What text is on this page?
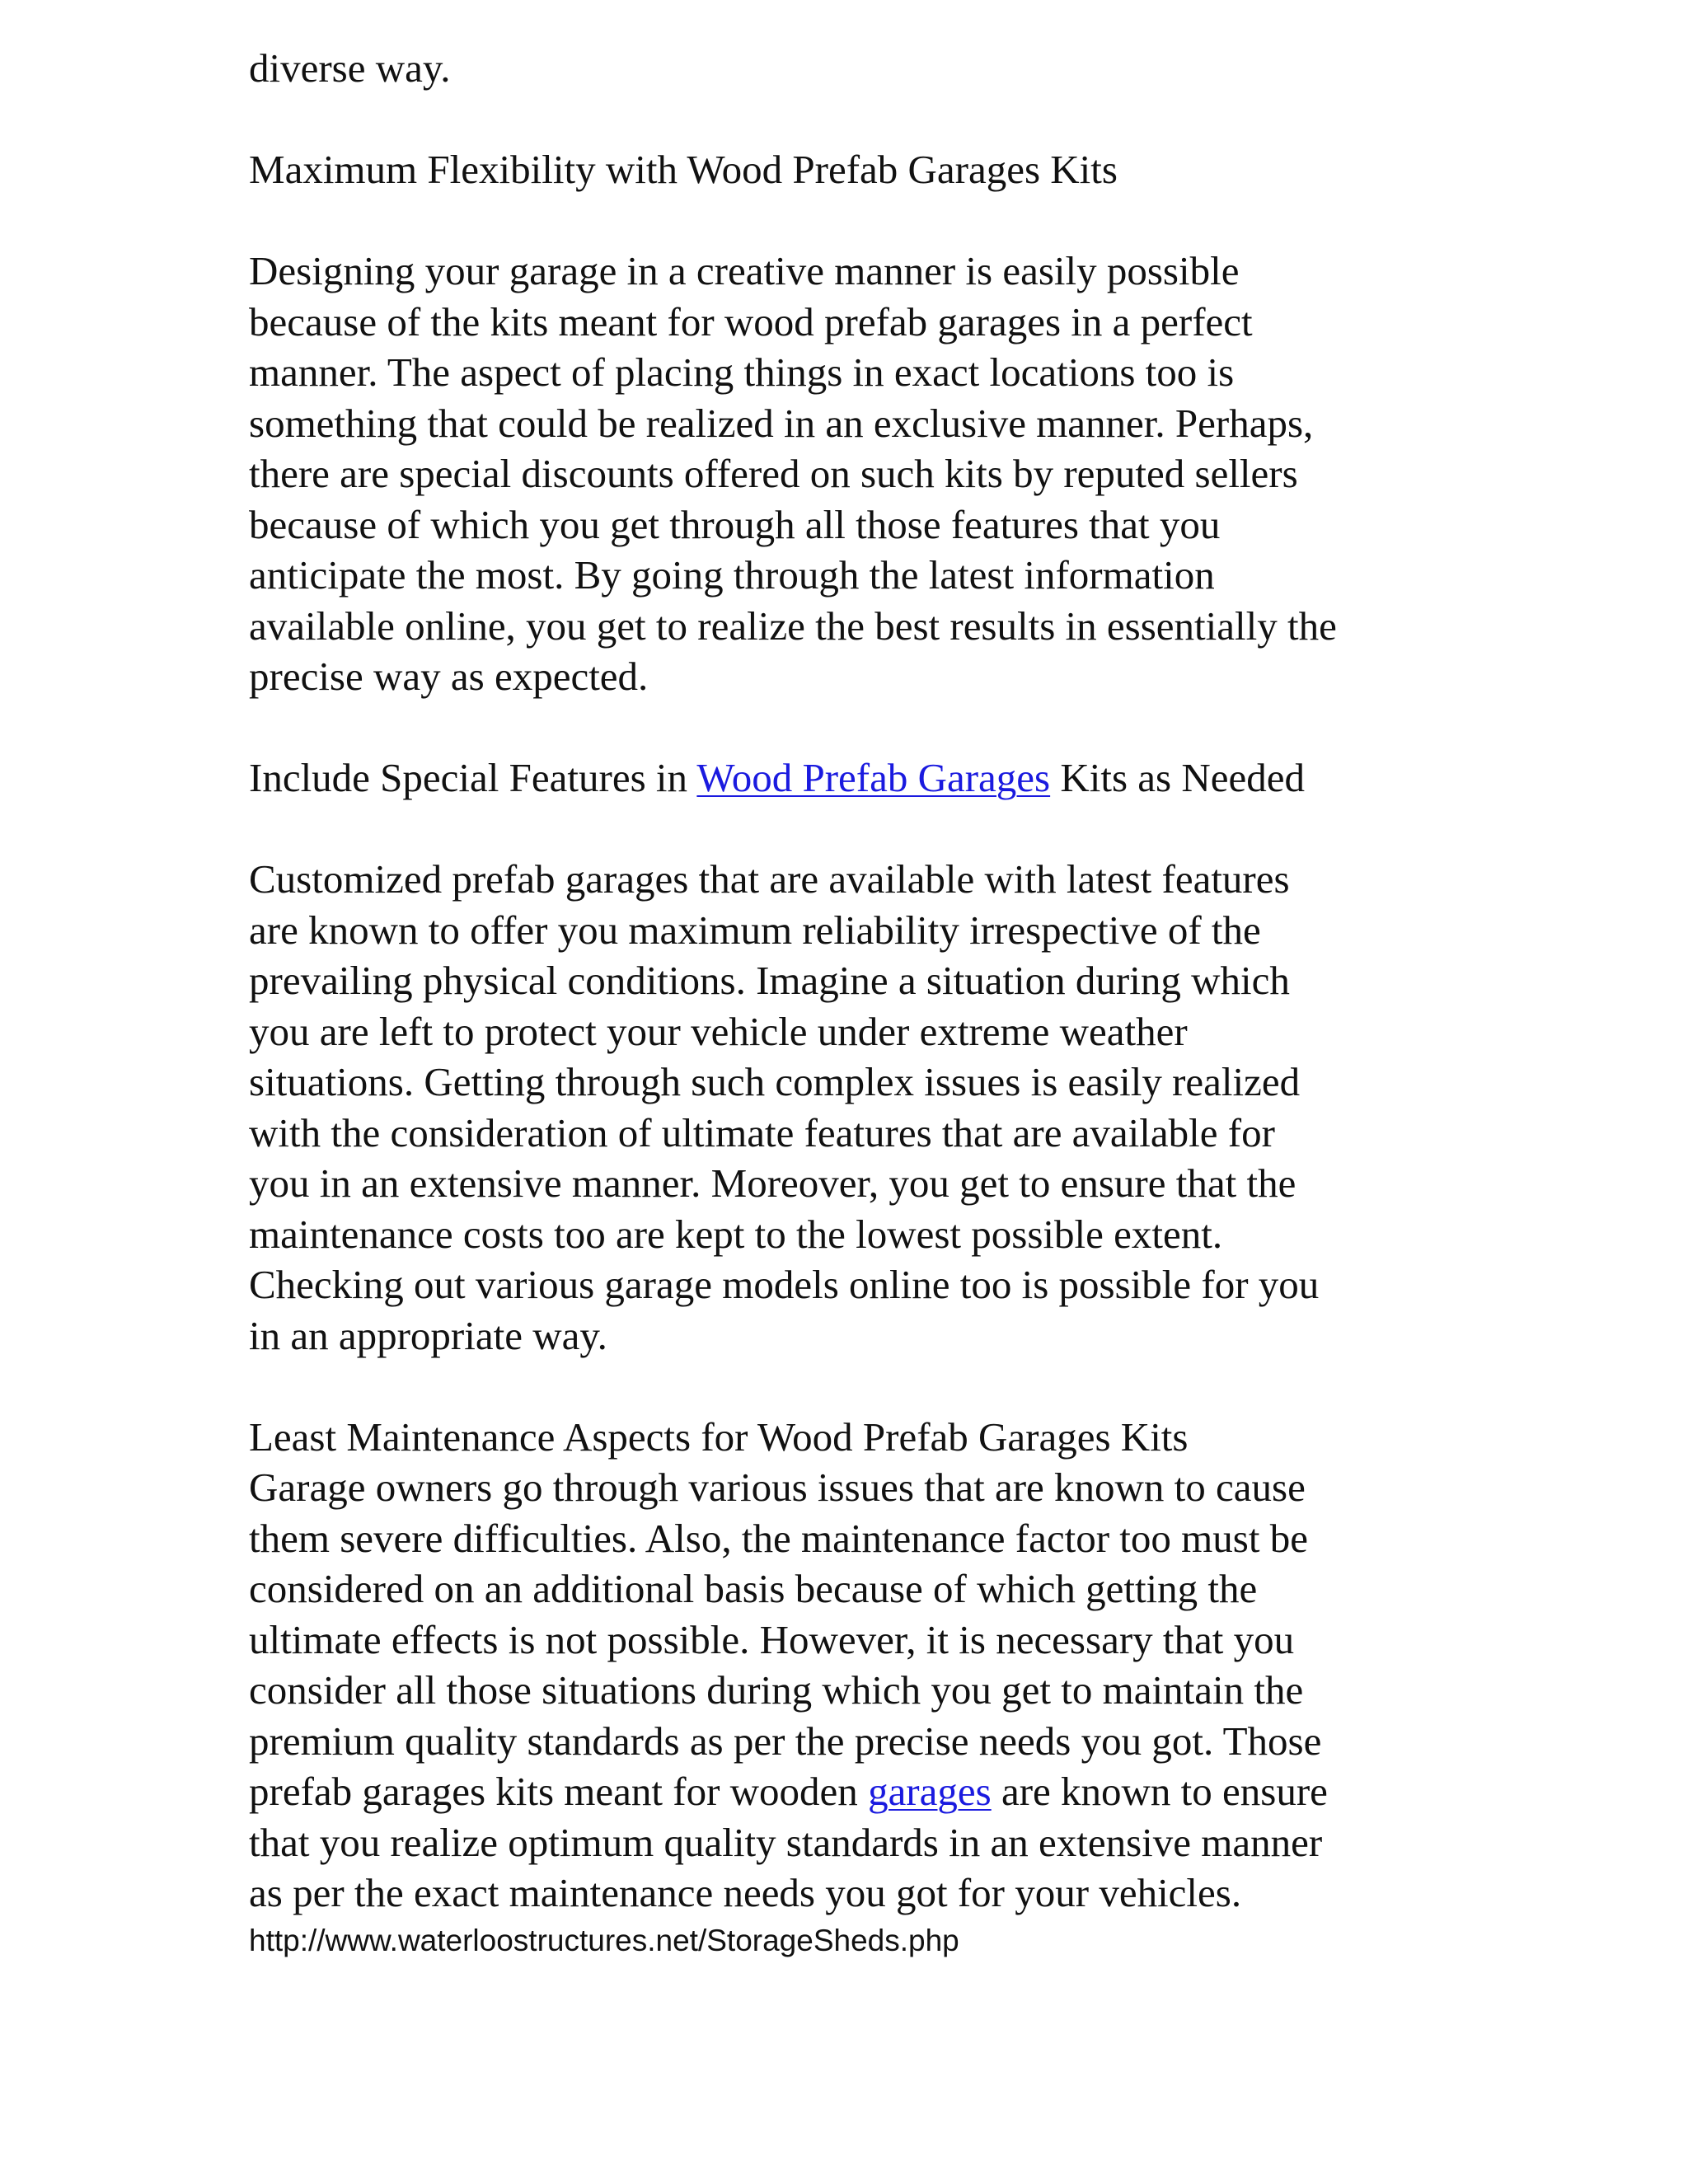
diverse way.

Maximum Flexibility with Wood Prefab Garages Kits

Designing your garage in a creative manner is easily possible
because of the kits meant for wood prefab garages in a perfect
manner. The aspect of placing things in exact locations too is
something that could be realized in an exclusive manner. Perhaps,
there are special discounts offered on such kits by reputed sellers
because of which you get through all those features that you
anticipate the most. By going through the latest information
available online, you get to realize the best results in essentially the
precise way as expected.

Include Special Features in Wood Prefab Garages Kits as Needed

Customized prefab garages that are available with latest features
are known to offer you maximum reliability irrespective of the
prevailing physical conditions. Imagine a situation during which
you are left to protect your vehicle under extreme weather
situations. Getting through such complex issues is easily realized
with the consideration of ultimate features that are available for
you in an extensive manner. Moreover, you get to ensure that the
maintenance costs too are kept to the lowest possible extent.
Checking out various garage models online too is possible for you
in an appropriate way.

Least Maintenance Aspects for Wood Prefab Garages Kits

Garage owners go through various issues that are known to cause
them severe difficulties. Also, the maintenance factor too must be
considered on an additional basis because of which getting the
ultimate effects is not possible. However, it is necessary that you
consider all those situations during which you get to maintain the
premium quality standards as per the precise needs you got. Those
prefab garages kits meant for wooden garages are known to ensure
that you realize optimum quality standards in an extensive manner
as per the exact maintenance needs you got for your vehicles.

http://www.waterloostructures.net/StorageSheds.php
